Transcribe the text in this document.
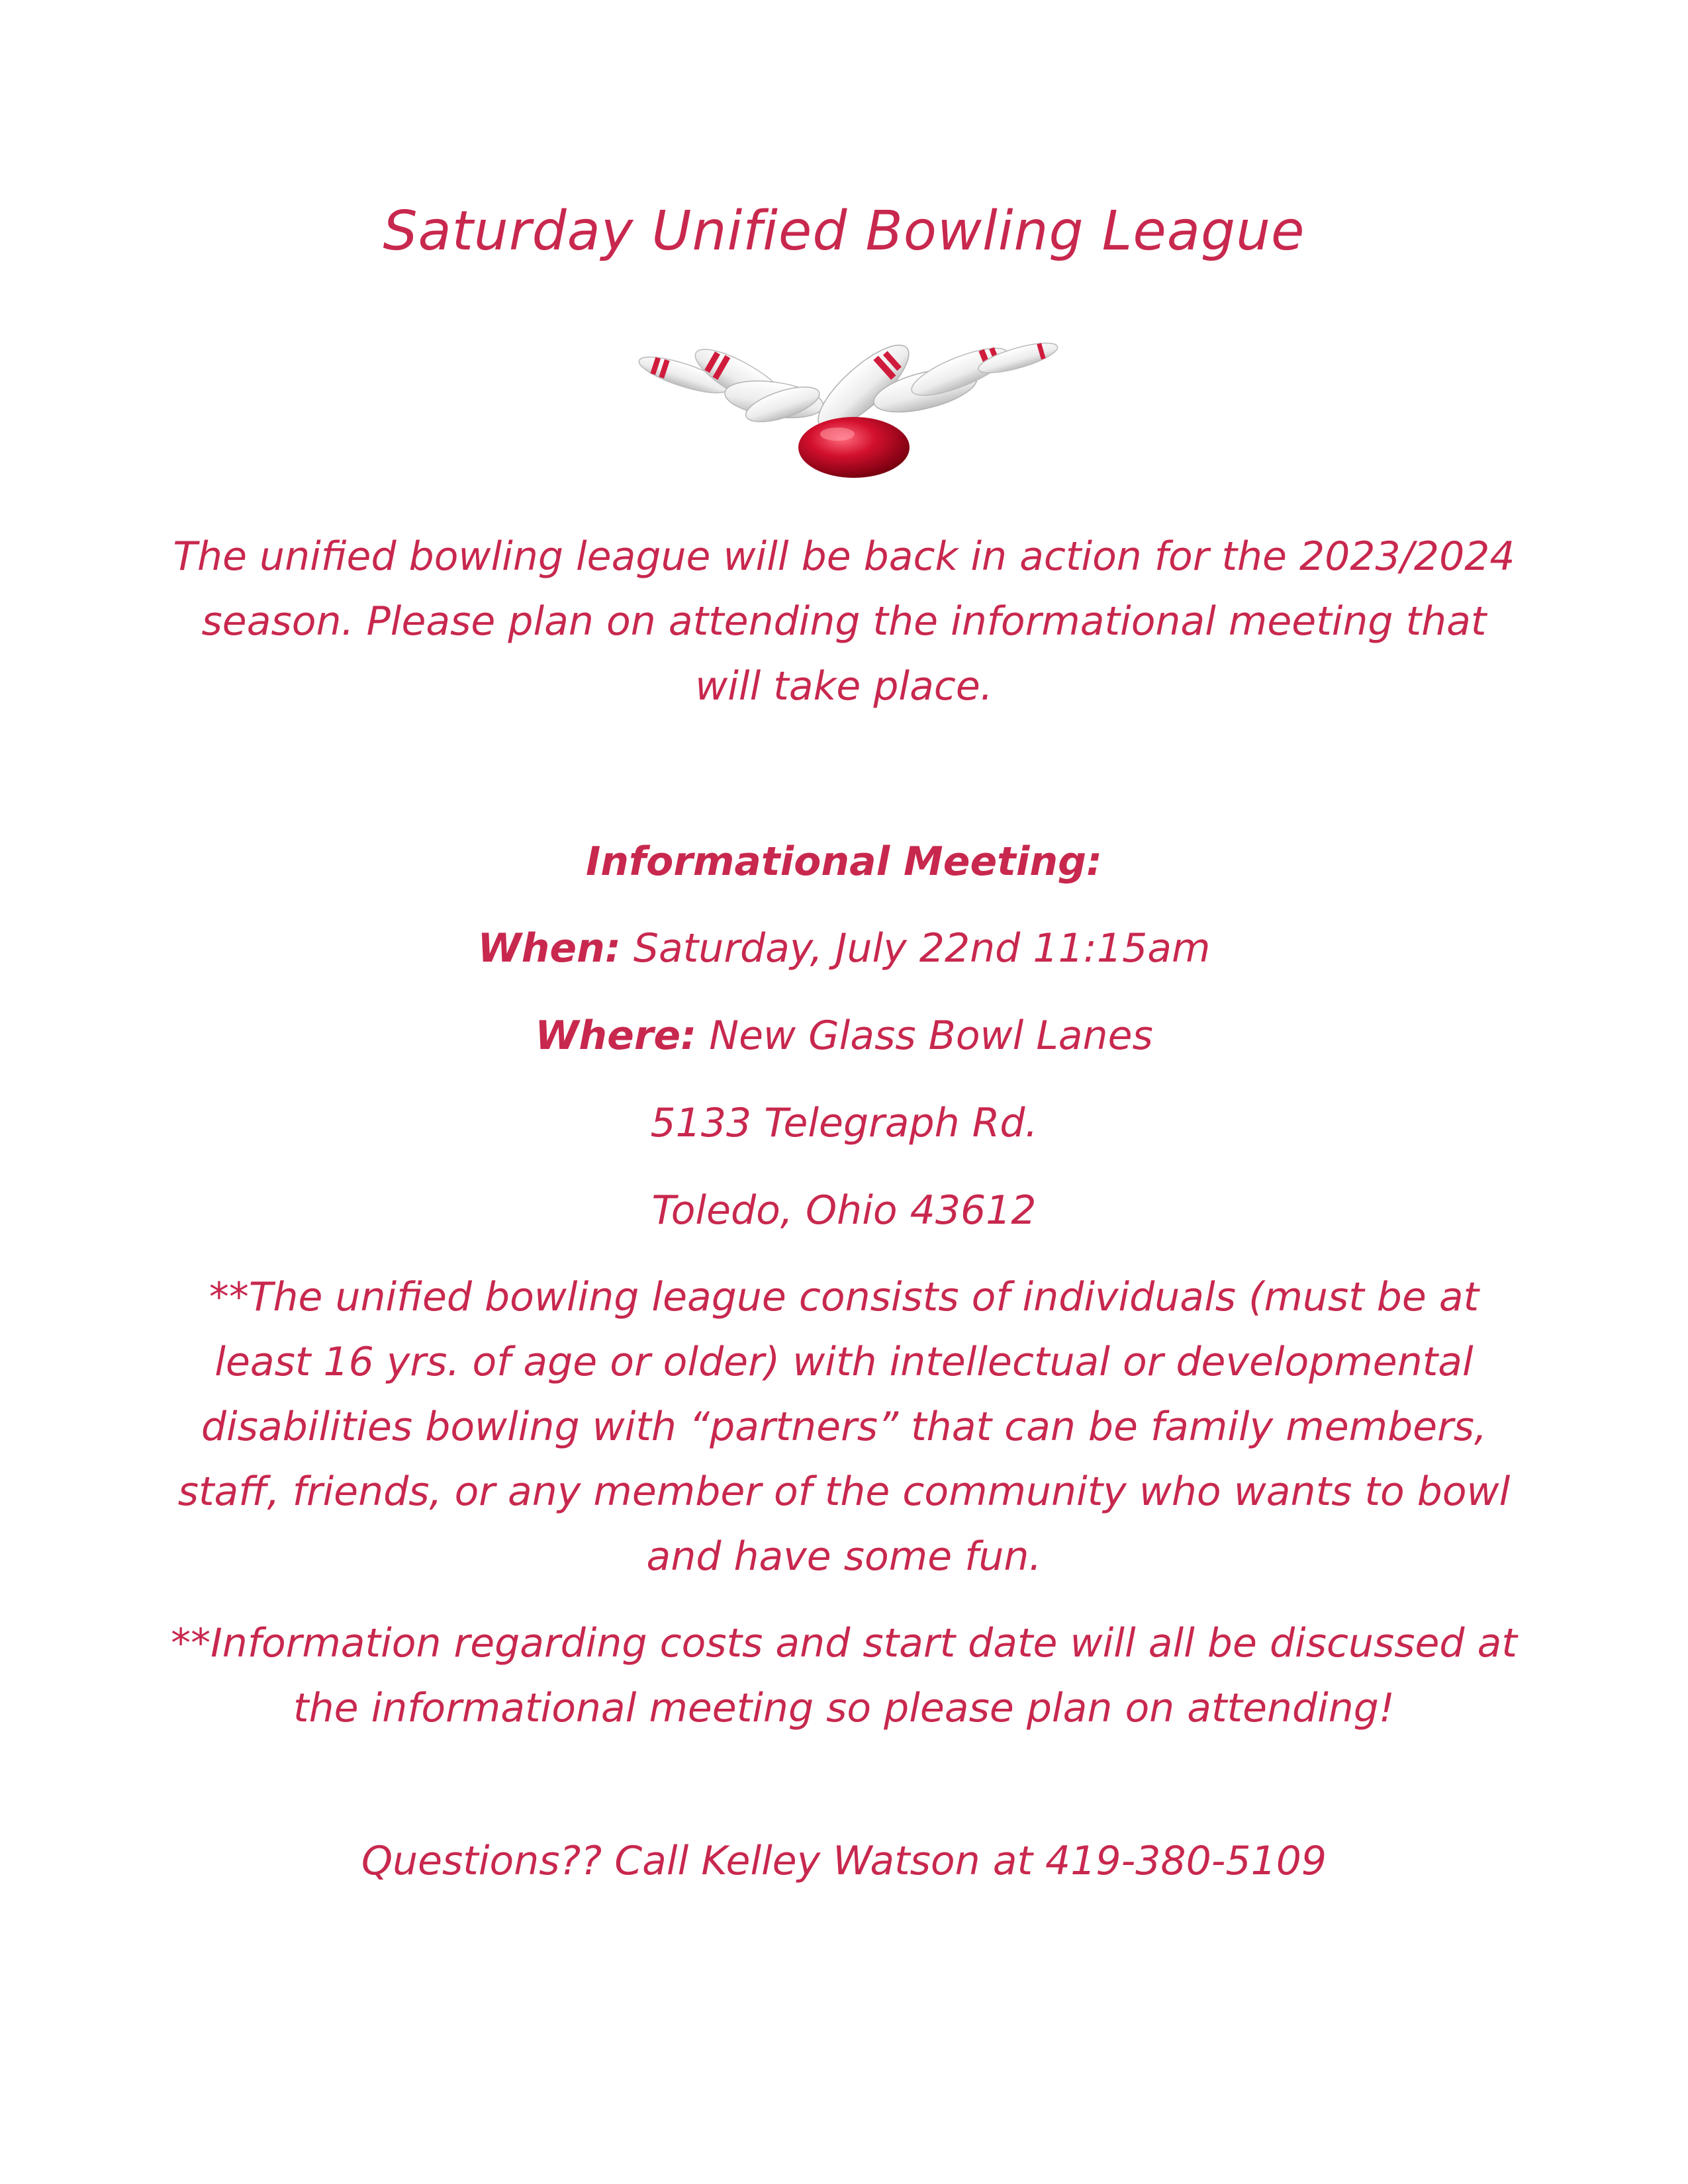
Saturday Unified Bowling League
The unified bowling league will be back in action for the 2023/2024 season. Please plan on attending the informational meeting that will take place.
Informational Meeting:
When: Saturday, July 22nd 11:15am
Where: New Glass Bowl Lanes
5133 Telegraph Rd.
Toledo, Ohio 43612
**The unified bowling league consists of individuals (must be at least 16 yrs. of age or older) with intellectual or developmental disabilities bowling with “partners” that can be family members, staff, friends, or any member of the community who wants to bowl and have some fun.
**Information regarding costs and start date will all be discussed at the informational meeting so please plan on attending!
Questions?? Call Kelley Watson at 419-380-5109
